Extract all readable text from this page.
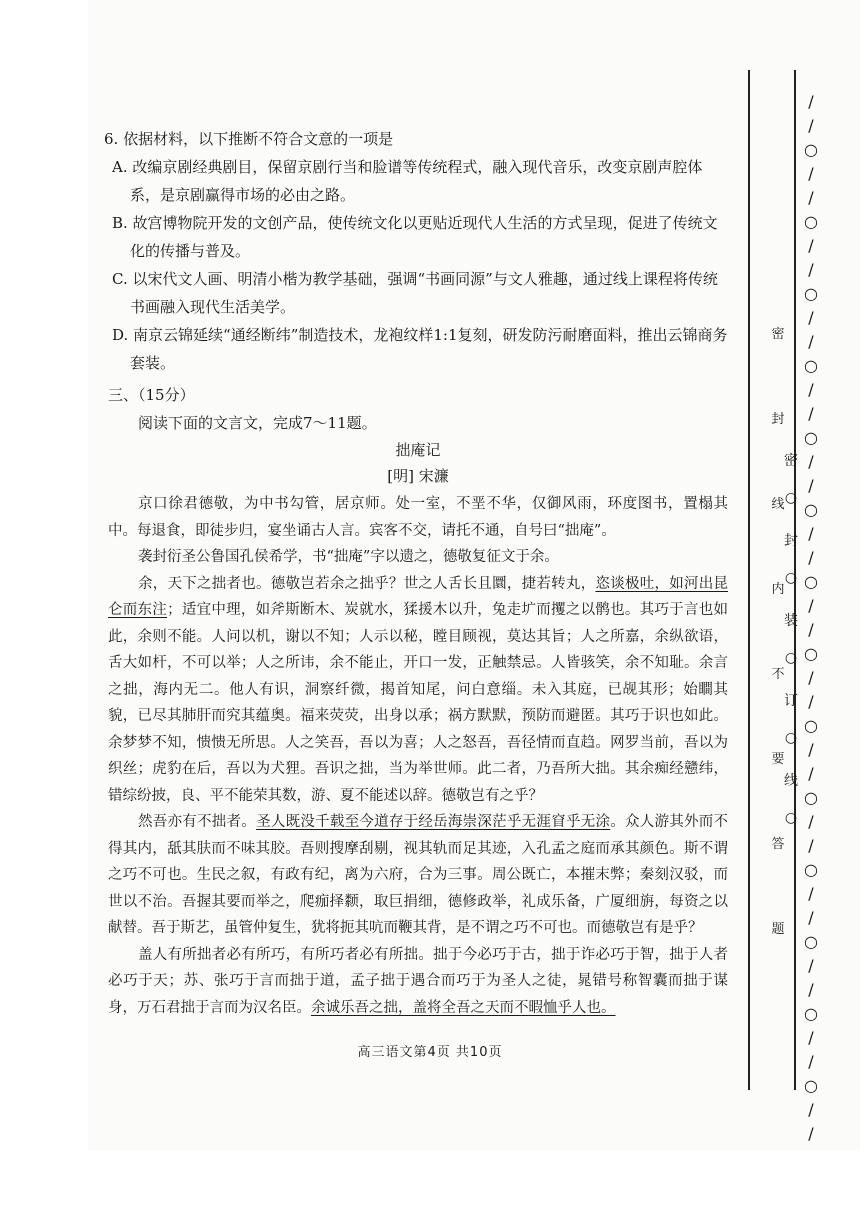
6. 依据材料，以下推断不符合文意的一项是

A. 改编京剧经典剧目，保留京剧行当和脸谱等传统程式，融入现代音乐，改变京剧声腔体系，是京剧赢得市场的必由之路。

B. 故宫博物院开发的文创产品，使传统文化以更贴近现代人生活的方式呈现，促进了传统文化的传播与普及。

C. 以宋代文人画、明清小楷为教学基础，强调“书画同源”与文人雅趣，通过线上课程将传统书画融入现代生活美学。

D. 南京云锦延续“通经断纬”制造技术，龙袍纹样1:1复刻，研发防污耐磨面料，推出云锦商务套装。

三、（15分）

阅读下面的文言文，完成7～11题。

拙庵记

[明] 宋濂

京口徐君德敬，为中书勾管，居京师。处一室，不垩不华，仅御风雨，环度图书，置榻其中。每退食，即徒步归，宴坐诵古人言。宾客不交，请托不通，自号曰“拙庵”。

袭封衍圣公鲁国孔侯希学，书“拙庵”字以遗之，德敬复征文于余。

余，天下之拙者也。德敬岂若余之拙乎？世之人舌长且圜，捷若转丸，恣谈极吐，如河出昆仑而东注；适宜中理，如斧斯断木、炭就水，猱援木以升，兔走圹而攫之以鹘也。其巧于言也如此，余则不能。人问以机，谢以不知；人示以秘，瞠目顾视，莫达其旨；人之所嘉，余纵欲语，舌大如杆，不可以举；人之所讳，余不能止，开口一发，正触禁忌。人皆骇笑，余不知耻。余言之拙，海内无二。他人有识，洞察纤微，揭首知尾，问白意缁。未入其庭，已觇其形；始瞷其貌，已尽其肺肝而究其蕴奥。福来荧荧，出身以承；祸方默默，预防而避匿。其巧于识也如此。余梦梦不知，愦愦无所思。人之笑吾，吾以为喜；人之怒吾，吾径情而直趋。网罗当前，吾以为织丝；虎豹在后，吾以为犬狸。吾识之拙，当为举世师。此二者，乃吾所大拙。其余痴经戆纬，错综纷披，良、平不能荣其数，游、夏不能述以辞。德敬岂有之乎？

然吾亦有不拙者。圣人既没千载至今道存于经岳海崇深茫乎无涯窅乎无涂。众人游其外而不得其内，舐其肤而不味其胶。吾则搜摩刮剔，视其轨而足其迹，入孔孟之庭而承其颜色。斯不谓之巧不可也。生民之叙，有政有纪，离为六府，合为三事。周公既亡，本摧末弊；秦刻汉驳，而世以不治。吾握其要而举之，爬痂择颣，取巨捐细，德修政举，礼成乐备，广厦细旃，每资之以献替。吾于斯艺，虽管仲复生，犹将扼其吭而鞭其背，是不谓之巧不可也。而德敬岂有是乎？

盖人有所拙者必有所巧，有所巧者必有所拙。拙于今必巧于古，拙于诈必巧于智，拙于人者必巧于天；苏、张巧于言而拙于道，孟子拙于遇合而巧于为圣人之徒，晁错号称智囊而拙于谋身，万石君拙于言而为汉名臣。余诚乐吾之拙，盖将全吾之天而不暇恤乎人也。

高三语文第4页 共10页
密
封
线
内
不
要
答
题
密
○
封
○
装
○
订
○
线
○
/
/
○
/
/
○
/
/
○
/
/
○
/
/
○
/
/
○
/
/
○
/
/
○
/
/
○
/
/
○
/
/
○
/
/
○
/
/
○
/
/
○
/
/
